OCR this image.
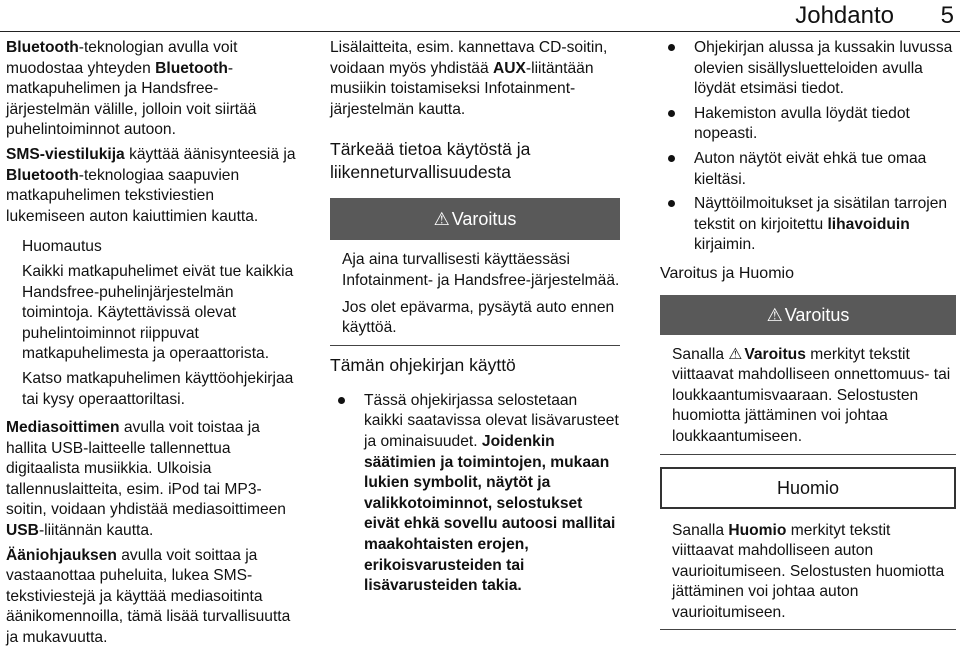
Johdanto 5

Bluetooth-teknologian avulla voit muodostaa yhteyden Bluetooth-matkapuhelimen ja Handsfree-järjestelmän välille, jolloin voit siirtää puhelintoiminnot autoon.

SMS-viestilukija käyttää äänisynteesiä ja Bluetooth-teknologiaa saapuvien matkapuhelimen tekstiviestien lukemiseen auton kaiuttimien kautta.

Huomautus

Kaikki matkapuhelimet eivät tue kaikkia Handsfree-puhelinjärjestelmän toimintoja. Käytettävissä olevat puhelintoiminnot riippuvat matkapuhelimesta ja operaattorista.

Katso matkapuhelimen käyttöohjekirjaa tai kysy operaattoriltasi.

Mediasoittimen avulla voit toistaa ja hallita USB-laitteelle tallennettua digitaalista musiikkia. Ulkoisia tallennuslaitteita, esim. iPod tai MP3-soitin, voidaan yhdistää mediasoittimeen USB-liitännän kautta.

Ääniohjauksen avulla voit soittaa ja vastaanottaa puheluita, lukea SMS-tekstiviestejä ja käyttää mediasoitinta äänikomennoilla, tämä lisää turvallisuutta ja mukavuutta.

Lisälaitteita, esim. kannettava CD-soitin, voidaan myös yhdistää AUX-liitäntään musiikin toistamiseksi Infotainment-järjestelmän kautta.

Tärkeää tietoa käytöstä ja liikenneturvallisuudesta
⚠ Varoitus

Aja aina turvallisesti käyttäessäsi Infotainment- ja Handsfree-järjestelmää.

Jos olet epävarma, pysäytä auto ennen käyttöä.

Tämän ohjekirjan käyttö
Tässä ohjekirjassa selostetaan kaikki saatavissa olevat lisävarusteet ja ominaisuudet. Joidenkin säätimien ja toimintojen, mukaan lukien symbolit, näytöt ja valikkotoiminnot, selostukset eivät ehkä sovellu autoosi mallitai maakohtaisten erojen, erikoisvarusteiden tai lisävarusteiden takia.
Ohjekirjan alussa ja kussakin luvussa olevien sisällysluetteloiden avulla löydät etsimäsi tiedot.
Hakemiston avulla löydät tiedot nopeasti.
Auton näytöt eivät ehkä tue omaa kieltäsi.
Näyttöilmoitukset ja sisätilan tarrojen tekstit on kirjoitettu lihavoiduin kirjaimin.
Varoitus ja Huomio
⚠ Varoitus

Sanalla ⚠ Varoitus merkityt tekstit viittaavat mahdolliseen onnettomuus- tai loukkaantumisvaaraan. Selostusten huomiotta jättäminen voi johtaa loukkaantumiseen.

Huomio

Sanalla Huomio merkityt tekstit viittaavat mahdolliseen auton vaurioitumiseen. Selostusten huomiotta jättäminen voi johtaa auton vaurioitumiseen.
